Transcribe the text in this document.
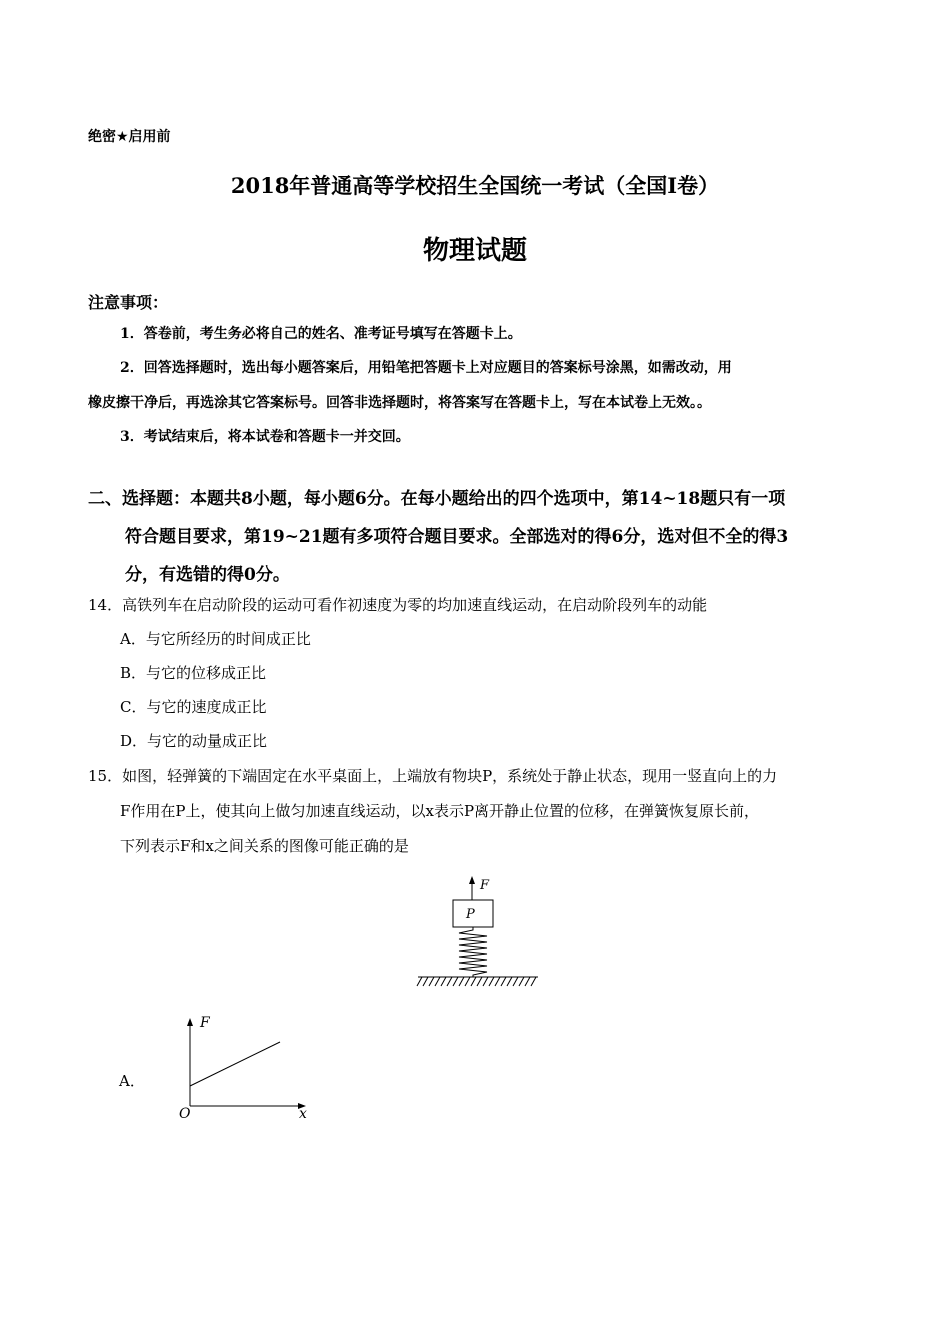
绝密★启用前
2018年普通高等学校招生全国统一考试（全国I卷）
物理试题
注意事项：
1．答卷前，考生务必将自己的姓名、准考证号填写在答题卡上。
2．回答选择题时，选出每小题答案后，用铅笔把答题卡上对应题目的答案标号涂黑，如需改动，用
橡皮擦干净后，再选涂其它答案标号。回答非选择题时，将答案写在答题卡上，写在本试卷上无效。。
3．考试结束后，将本试卷和答题卡一并交回。
二、选择题：本题共8小题，每小题6分。在每小题给出的四个选项中，第14~18题只有一项
符合题目要求，第19~21题有多项符合题目要求。全部选对的得6分，选对但不全的得3
分，有选错的得0分。
14．高铁列车在启动阶段的运动可看作初速度为零的均加速直线运动，在启动阶段列车的动能
A．与它所经历的时间成正比
B．与它的位移成正比
C．与它的速度成正比
D．与它的动量成正比
15．如图，轻弹簧的下端固定在水平桌面上，上端放有物块P，系统处于静止状态，现用一竖直向上的力
F作用在P上，使其向上做匀加速直线运动，以x表示P离开静止位置的位移，在弹簧恢复原长前，
下列表示F和x之间关系的图像可能正确的是
F
P
A．
F
x
O
